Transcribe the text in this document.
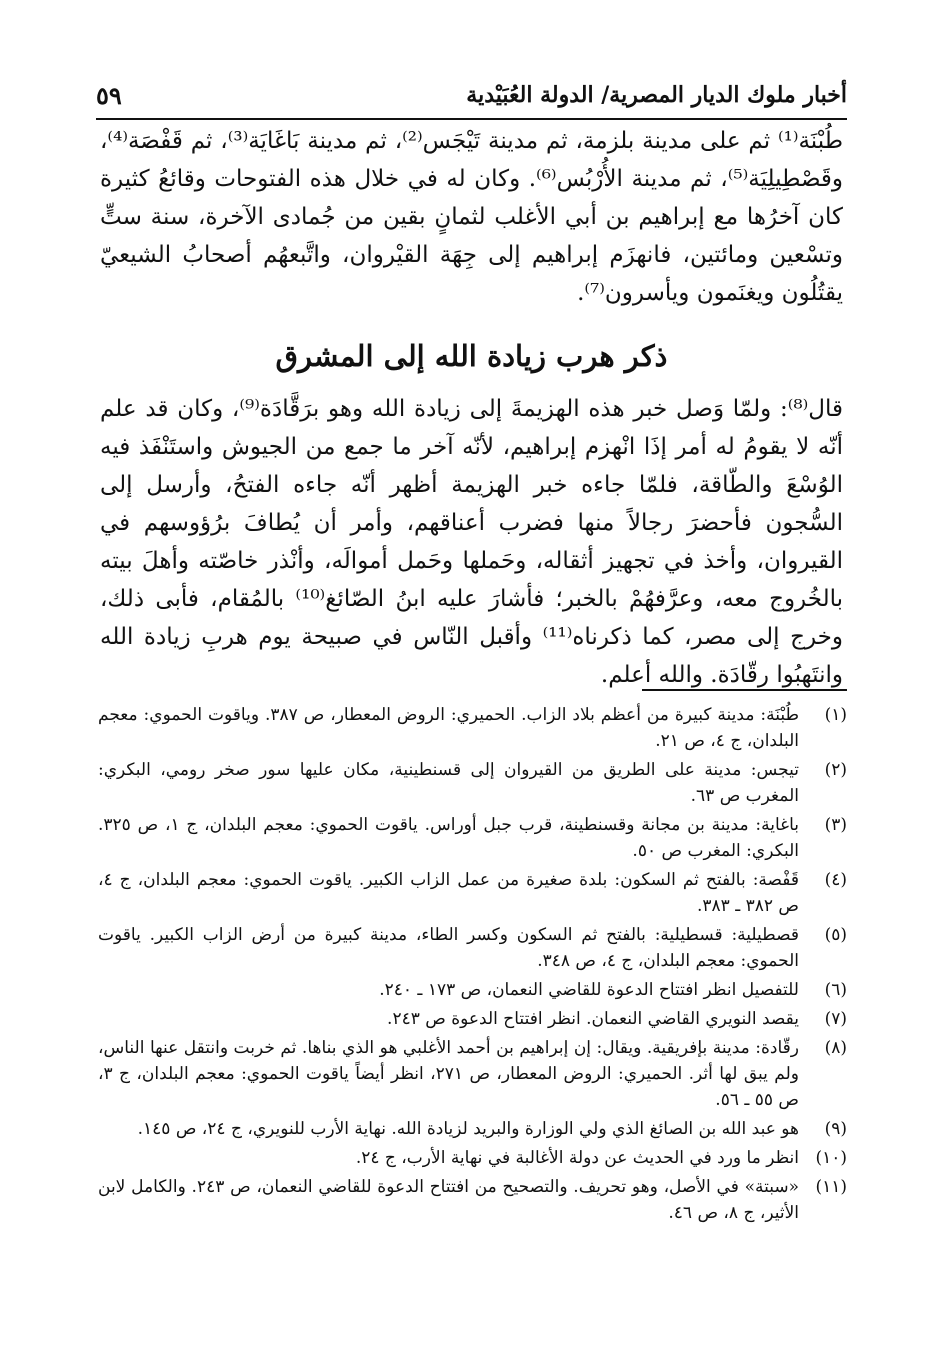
أخبار ملوك الديار المصرية/ الدولة العُبَيْدية
٥٩

طُبْنَة⁽¹⁾ ثم على مدينة بلزمة، ثم مدينة تَيْجَس⁽²⁾، ثم مدينة بَاغَايَة⁽³⁾، ثم قَفْصَة⁽⁴⁾، وقَصْطِيلِيَة⁽⁵⁾، ثم مدينة الأُرْبُس⁽⁶⁾. وكان له في خلال هذه الفتوحات وقائعُ كثيرة كان آخرُها مع إبراهيم بن أبي الأغلب لثمانٍ بقين من جُمادى الآخرة، سنة ستٍّ وتسْعين ومائتين، فانهزَم إبراهيم إلى جِهَة القيْروان، واتَّبعهُم أصحابُ الشيعيّ يقتُلُون ويغنَمون ويأسرون⁽⁷⁾.

ذكر هرب زيادة الله إلى المشرق

قال⁽⁸⁾: ولمّا وَصل خبر هذه الهزيمةَ إلى زيادة الله وهو برَقَّادَة⁽⁹⁾، وكان قد علم أنّه لا يقومُ له أمر إذَا انْهزم إبراهيم، لأنّه آخر ما جمع من الجيوش واستَنْفَذ فيه الوُسْعَ والطّاقة، فلمّا جاءه خبر الهزيمة أظهر أنّه جاءه الفتحُ، وأرسل إلى السُّجون فأحضرَ رجالاً منها فضرب أعناقهم، وأمر أن يُطافَ برُؤوسهم في القيروان، وأخذ في تجهيز أثقاله، وحَملها وحَمل أموالَه، وأنْذر خاصّته وأهلَ بيته بالخُروج معه، وعرَّفهُمْ بالخبر؛ فأشارَ عليه ابنُ الصّائغ⁽¹⁰⁾ بالمُقام، فأبى ذلك، وخرج إلى مصر، كما ذكرناه⁽¹¹⁾ وأقبل النّاس في صبيحة يوم هربِ زيادة الله وانتَهبُوا رقّادَة. والله أعلم.

(١)
طُبْنَة: مدينة كبيرة من أعظم بلاد الزاب. الحميري: الروض المعطار، ص ٣٨٧. وياقوت الحموي: معجم البلدان، ج ٤، ص ٢١.
(٢)
تيجس: مدينة على الطريق من القيروان إلى قسنطينية، مكان عليها سور صخر رومي، البكري: المغرب ص ٦٣.
(٣)
باغاية: مدينة بن مجانة وقسنطينة، قرب جبل أوراس. ياقوت الحموي: معجم البلدان، ج ١، ص ٣٢٥. البكري: المغرب ص ٥٠.
(٤)
قَفْصة: بالفتح ثم السكون: بلدة صغيرة من عمل الزاب الكبير. ياقوت الحموي: معجم البلدان، ج ٤، ص ٣٨٢ ـ ٣٨٣.
(٥)
قصطيلية: قسطيلية: بالفتح ثم السكون وكسر الطاء، مدينة كبيرة من أرض الزاب الكبير. ياقوت الحموي: معجم البلدان، ج ٤، ص ٣٤٨.
(٦)
للتفصيل انظر افتتاح الدعوة للقاضي النعمان، ص ١٧٣ ـ ٢٤٠.
(٧)
يقصد النويري القاضي النعمان. انظر افتتاح الدعوة ص ٢٤٣.
(٨)
رقّادة: مدينة بإفريقية. ويقال: إن إبراهيم بن أحمد الأغلبي هو الذي بناها. ثم خربت وانتقل عنها الناس، ولم يبق لها أثر. الحميري: الروض المعطار، ص ٢٧١، انظر أيضاً ياقوت الحموي: معجم البلدان، ج ٣، ص ٥٥ ـ ٥٦.
(٩)
هو عبد الله بن الصائغ الذي ولي الوزارة والبريد لزيادة الله. نهاية الأرب للنويري، ج ٢٤، ص ١٤٥.
(١٠)
انظر ما ورد في الحديث عن دولة الأغالبة في نهاية الأرب، ج ٢٤.
(١١)
«سبتة» في الأصل، وهو تحريف. والتصحيح من افتتاح الدعوة للقاضي النعمان، ص ٢٤٣. والكامل لابن الأثير، ج ٨، ص ٤٦.
